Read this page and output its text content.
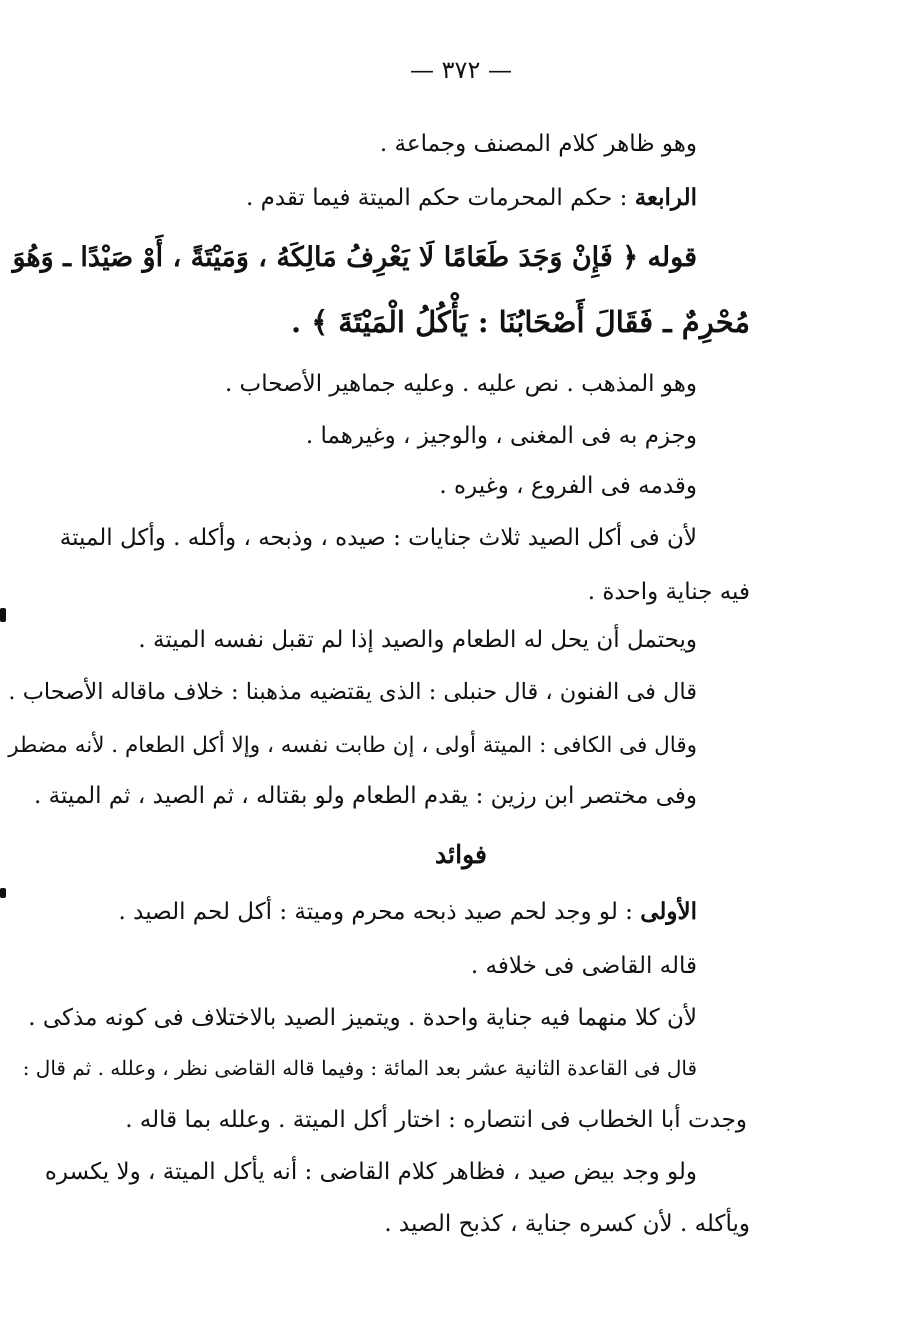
— ٣٧٢ —
وهو ظاهر كلام المصنف وجماعة .
الرابعة : حكم المحرمات حكم الميتة فيما تقدم .
قوله ﴿ فَإِنْ وَجَدَ طَعَامًا لَا يَعْرِفُ مَالِكَهُ ، وَمَيْتَةً ، أَوْ صَيْدًا ـ وَهُوَ
مُحْرِمٌ ـ فَقَالَ أَصْحَابُنَا : يَأْكُلُ الْمَيْتَةَ ﴾ .
وهو المذهب . نص عليه . وعليه جماهير الأصحاب .
وجزم به فى المغنى ، والوجيز ، وغيرهما .
وقدمه فى الفروع ، وغيره .
لأن فى أكل الصيد ثلاث جنايات : صيده ، وذبحه ، وأكله . وأكل الميتة
فيه جناية واحدة .
ويحتمل أن يحل له الطعام والصيد إذا لم تقبل نفسه الميتة .
قال فى الفنون ، قال حنبلى : الذى يقتضيه مذهبنا : خلاف ماقاله الأصحاب .
وقال فى الكافى : الميتة أولى ، إن طابت نفسه ، وإلا أكل الطعام . لأنه مضطر
وفى مختصر ابن رزين : يقدم الطعام ولو بقتاله ، ثم الصيد ، ثم الميتة .
فوائد
الأولى : لو وجد لحم صيد ذبحه محرم وميتة : أكل لحم الصيد .
قاله القاضى فى خلافه .
لأن كلا منهما فيه جناية واحدة . ويتميز الصيد بالاختلاف فى كونه مذكى .
قال فى القاعدة الثانية عشر بعد المائة : وفيما قاله القاضى نظر ، وعلله . ثم قال :
وجدت أبا الخطاب فى انتصاره : اختار أكل الميتة . وعلله بما قاله .
ولو وجد بيض صيد ، فظاهر كلام القاضى : أنه يأكل الميتة ، ولا يكسره
ويأكله . لأن كسره جناية ، كذبح الصيد .
